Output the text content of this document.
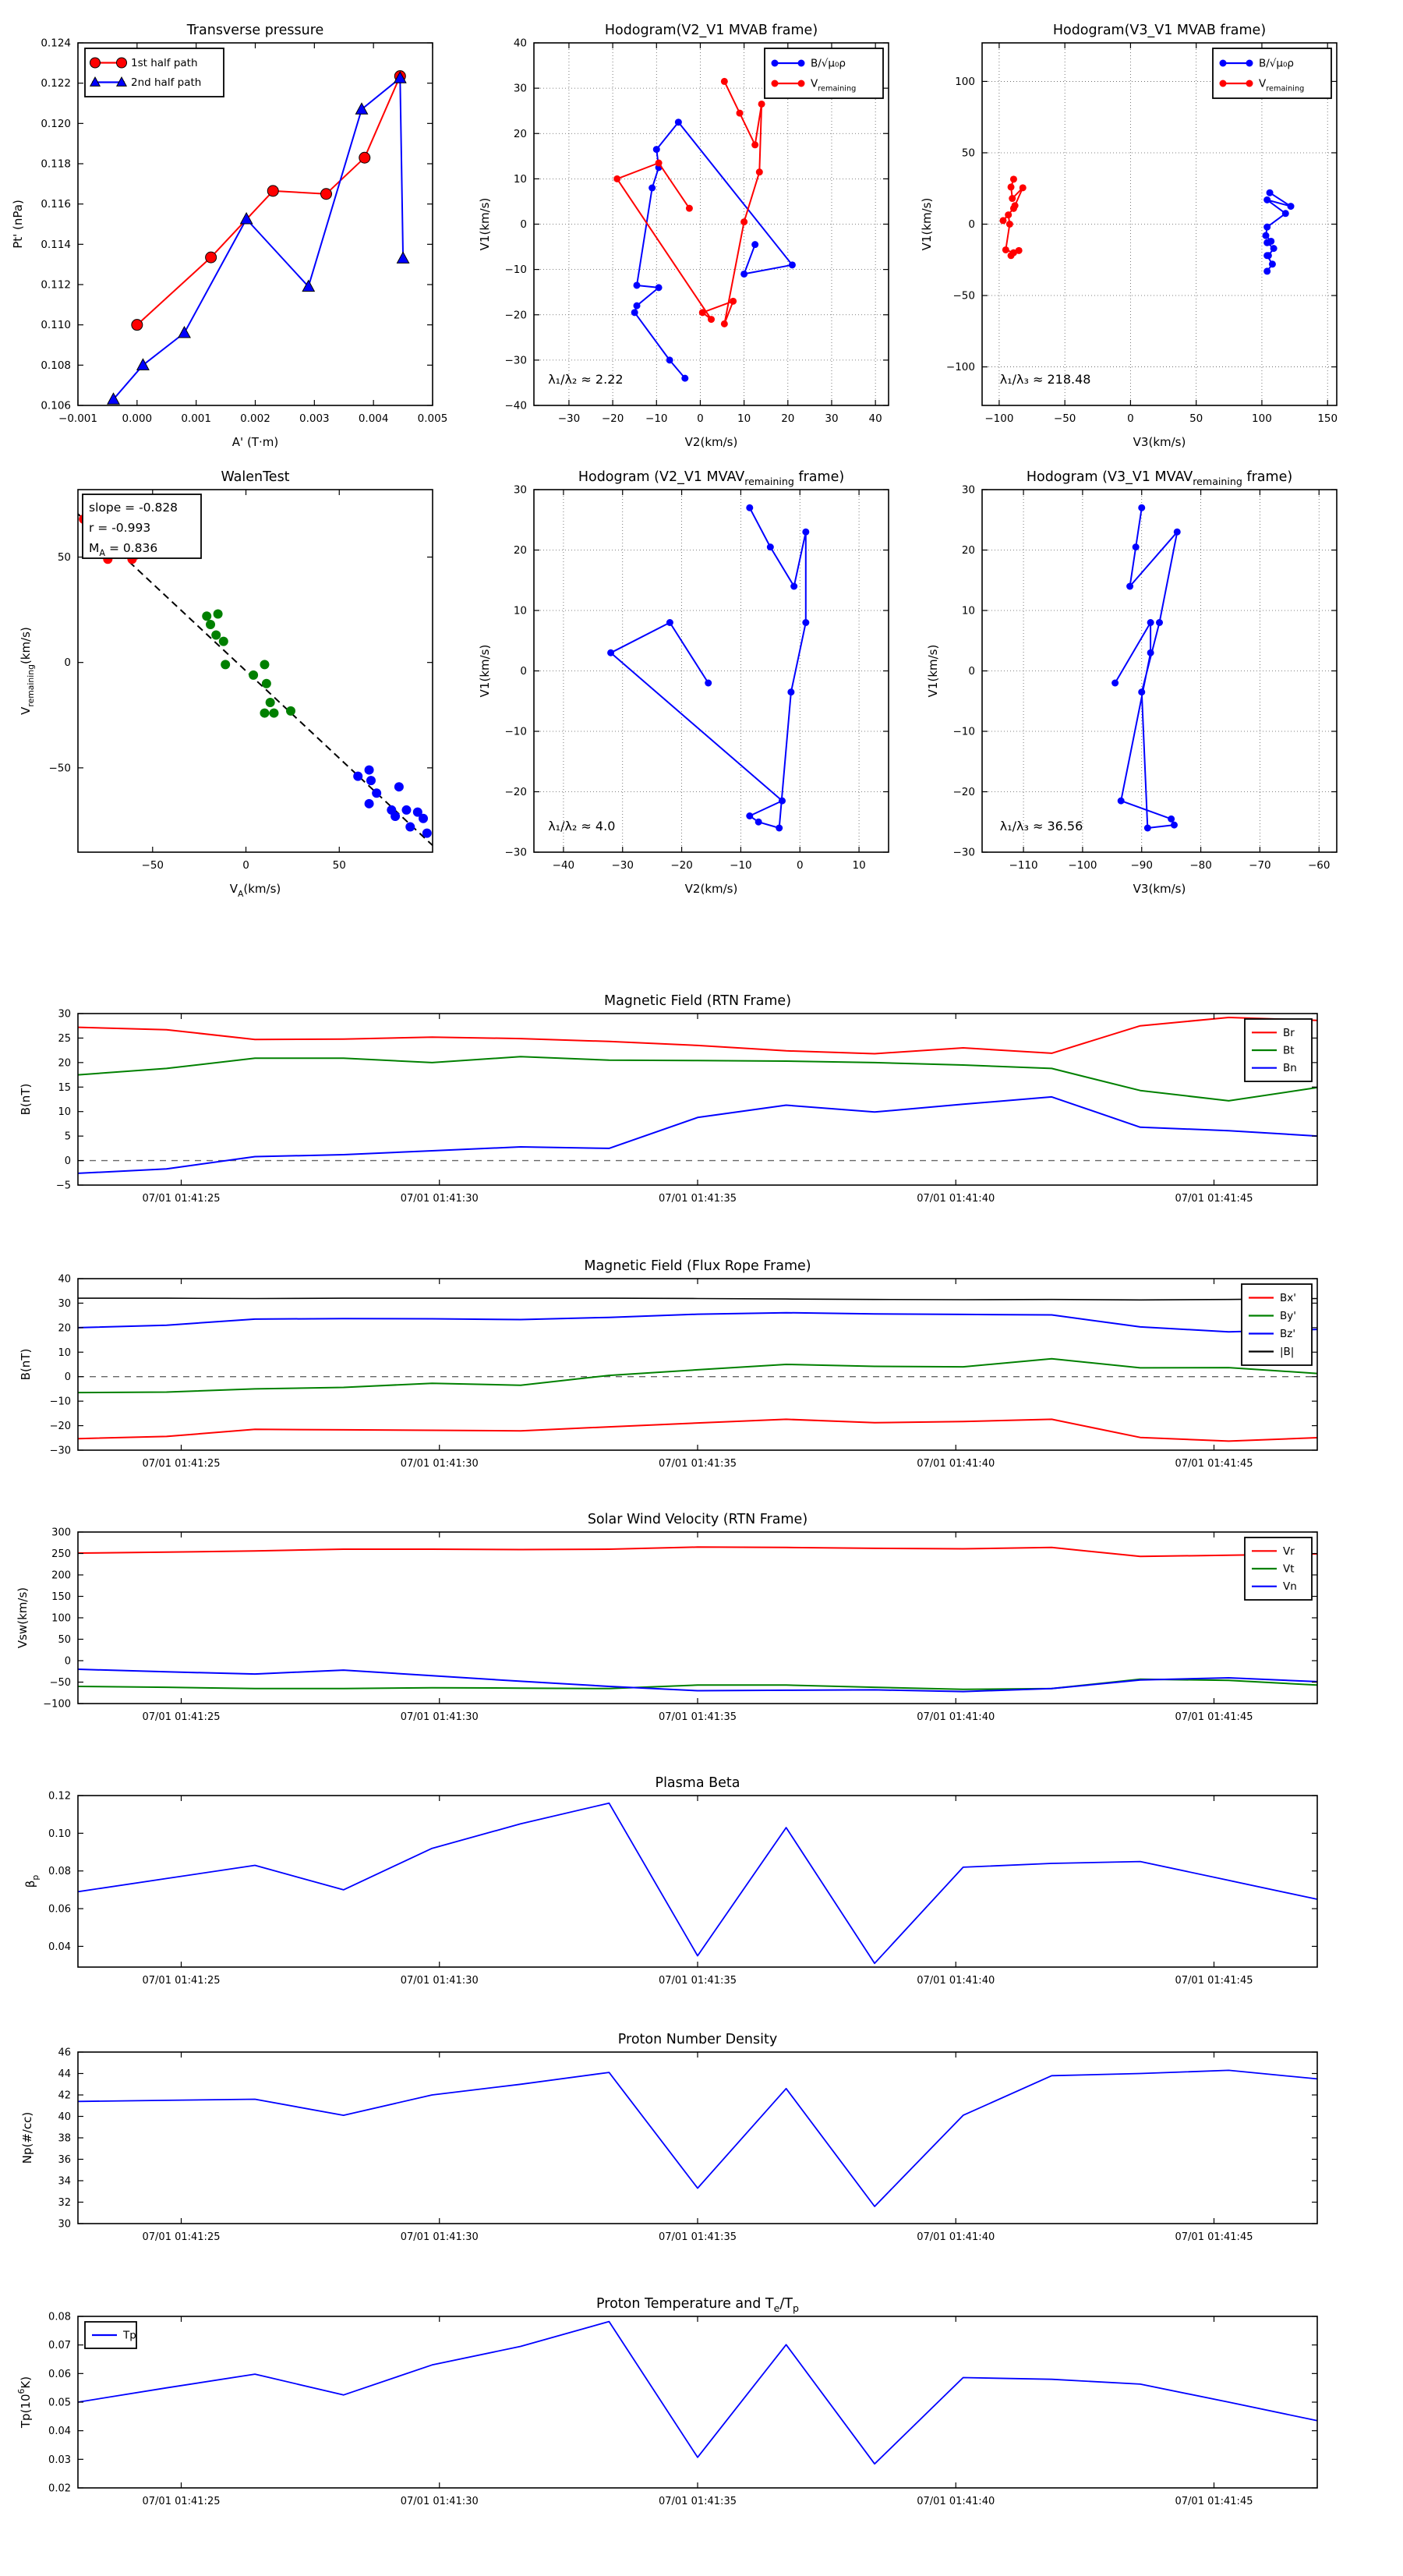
−0.001 0.000	0.001	0.002	0.003	0.004	0.005
0.106
0.108
0.110
0.112
0.114
0.116
0.118
0.120
0.122
0.124
Transverse pressure
A' (T·m)
Pt' (nPa)
1st half path
2nd half path
−30 −20 −10	0	10	20	30	40
−40
−30
−20
−10
0
10
20
30
40
Hodogram(V2_V1 MVAB frame)
V2(km/s)
V1(km/s)
λ₁/λ₂ ≈ 2.22
B/√μ₀ρ
$V_{remaining}$
−100	−50	0	50	100	150
−100
−50
0
50
100
Hodogram(V3_V1 MVAB frame)
V3(km/s)
V1(km/s)
λ₁/λ₃ ≈ 218.48
B/√μ₀ρ
$V_{remaining}$
−50	0	50
−50
0
50
WalenTest
$V_A(km/s)$
$V_{remaining}(km/s)$
slope = -0.828
r = -0.993
$M_A = 0.836$
−40	−30	−20	−10	0	10
−30
−20
−10
0
10
20
30
Hodogram (V2_V1 $MVAV_{remaining}$ frame)
V2(km/s)
V1(km/s)
λ₁/λ₂ ≈ 4.0
−110	−100	−90	−80	−70	−60
−30
−20
−10
0
10
20
30
Hodogram (V3_V1 $MVAV_{remaining}$ frame)
V3(km/s)
V1(km/s)
λ₁/λ₃ ≈ 36.56
07/01 01:41:25	07/01 01:41:30	07/01 01:41:35	07/01 01:41:40	07/01 01:41:45
−5
0
5
10
15
20
25
30
Magnetic Field (RTN Frame)
B(nT)
Br
Bt
Bn
07/01 01:41:25	07/01 01:41:30	07/01 01:41:35	07/01 01:41:40	07/01 01:41:45
−30
−20
−10
0
10
20
30
40
Magnetic Field (Flux Rope Frame)
B(nT)
Bx'
By'
Bz'
|B|
07/01 01:41:25	07/01 01:41:30	07/01 01:41:35	07/01 01:41:40	07/01 01:41:45
−100
−50
0
50
100
150
200
250
300
Solar Wind Velocity (RTN Frame)
Vsw(km/s)
Vr
Vt
Vn
07/01 01:41:25	07/01 01:41:30	07/01 01:41:35	07/01 01:41:40	07/01 01:41:45
0.04
0.06
0.08
0.10
0.12
Plasma Beta
$\beta_p$
07/01 01:41:25	07/01 01:41:30	07/01 01:41:35	07/01 01:41:40	07/01 01:41:45
30
32
34
36
38
40
42
44
46
Proton Number Density
Np(#/cc)
07/01 01:41:25	07/01 01:41:30	07/01 01:41:35	07/01 01:41:40	07/01 01:41:45
0.02
0.03
0.04
0.05
0.06
0.07
0.08
Proton Temperature and $T_e/T_p$
$Tp(10^6K)$
Tp
